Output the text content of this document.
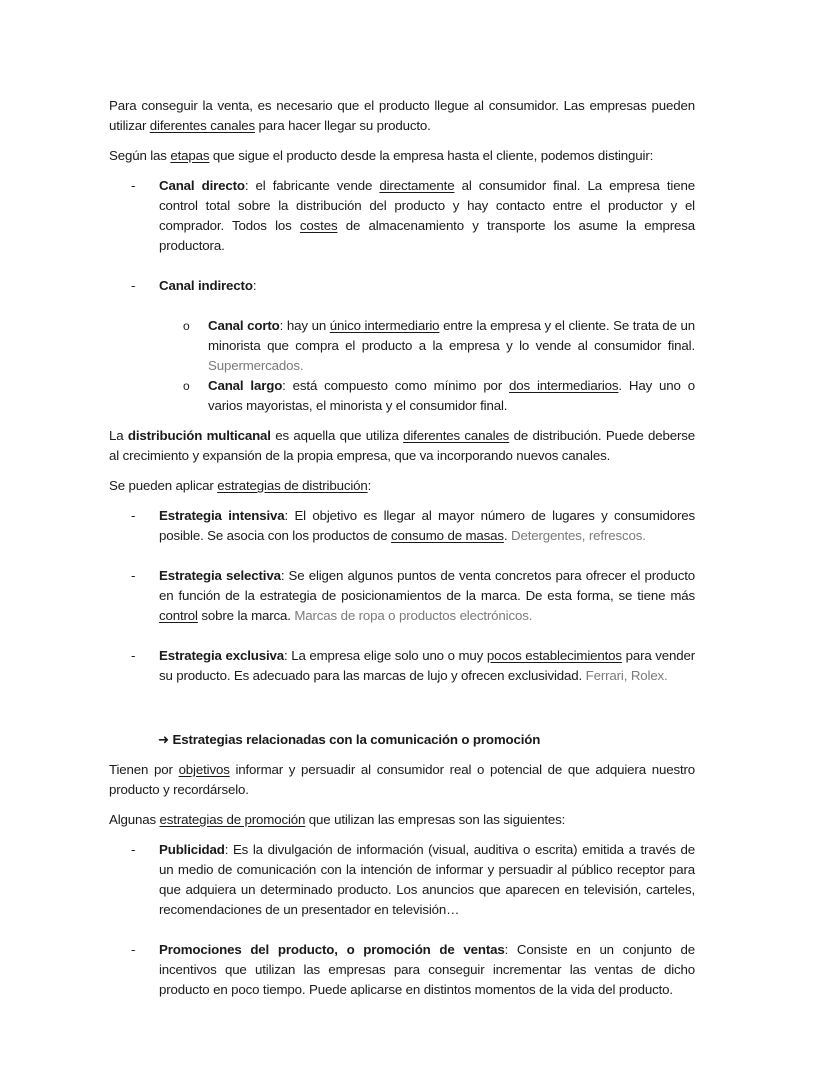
Para conseguir la venta, es necesario que el producto llegue al consumidor. Las empresas pueden utilizar diferentes canales para hacer llegar su producto.

Según las etapas que sigue el producto desde la empresa hasta el cliente, podemos distinguir:

- Canal directo: el fabricante vende directamente al consumidor final. La empresa tiene control total sobre la distribución del producto y hay contacto entre el productor y el comprador. Todos los costes de almacenamiento y transporte los asume la empresa productora.

- Canal indirecto:

o Canal corto: hay un único intermediario entre la empresa y el cliente. Se trata de un minorista que compra el producto a la empresa y lo vende al consumidor final. Supermercados.

o Canal largo: está compuesto como mínimo por dos intermediarios. Hay uno o varios mayoristas, el minorista y el consumidor final.

La distribución multicanal es aquella que utiliza diferentes canales de distribución. Puede deberse al crecimiento y expansión de la propia empresa, que va incorporando nuevos canales.

Se pueden aplicar estrategias de distribución:

- Estrategia intensiva: El objetivo es llegar al mayor número de lugares y consumidores posible. Se asocia con los productos de consumo de masas. Detergentes, refrescos.

- Estrategia selectiva: Se eligen algunos puntos de venta concretos para ofrecer el producto en función de la estrategia de posicionamientos de la marca. De esta forma, se tiene más control sobre la marca. Marcas de ropa o productos electrónicos.

- Estrategia exclusiva: La empresa elige solo uno o muy pocos establecimientos para vender su producto. Es adecuado para las marcas de lujo y ofrecen exclusividad. Ferrari, Rolex.

➜ Estrategias relacionadas con la comunicación o promoción

Tienen por objetivos informar y persuadir al consumidor real o potencial de que adquiera nuestro producto y recordárselo.

Algunas estrategias de promoción que utilizan las empresas son las siguientes:

- Publicidad: Es la divulgación de información (visual, auditiva o escrita) emitida a través de un medio de comunicación con la intención de informar y persuadir al público receptor para que adquiera un determinado producto. Los anuncios que aparecen en televisión, carteles, recomendaciones de un presentador en televisión…

- Promociones del producto, o promoción de ventas: Consiste en un conjunto de incentivos que utilizan las empresas para conseguir incrementar las ventas de dicho producto en poco tiempo. Puede aplicarse en distintos momentos de la vida del producto.
